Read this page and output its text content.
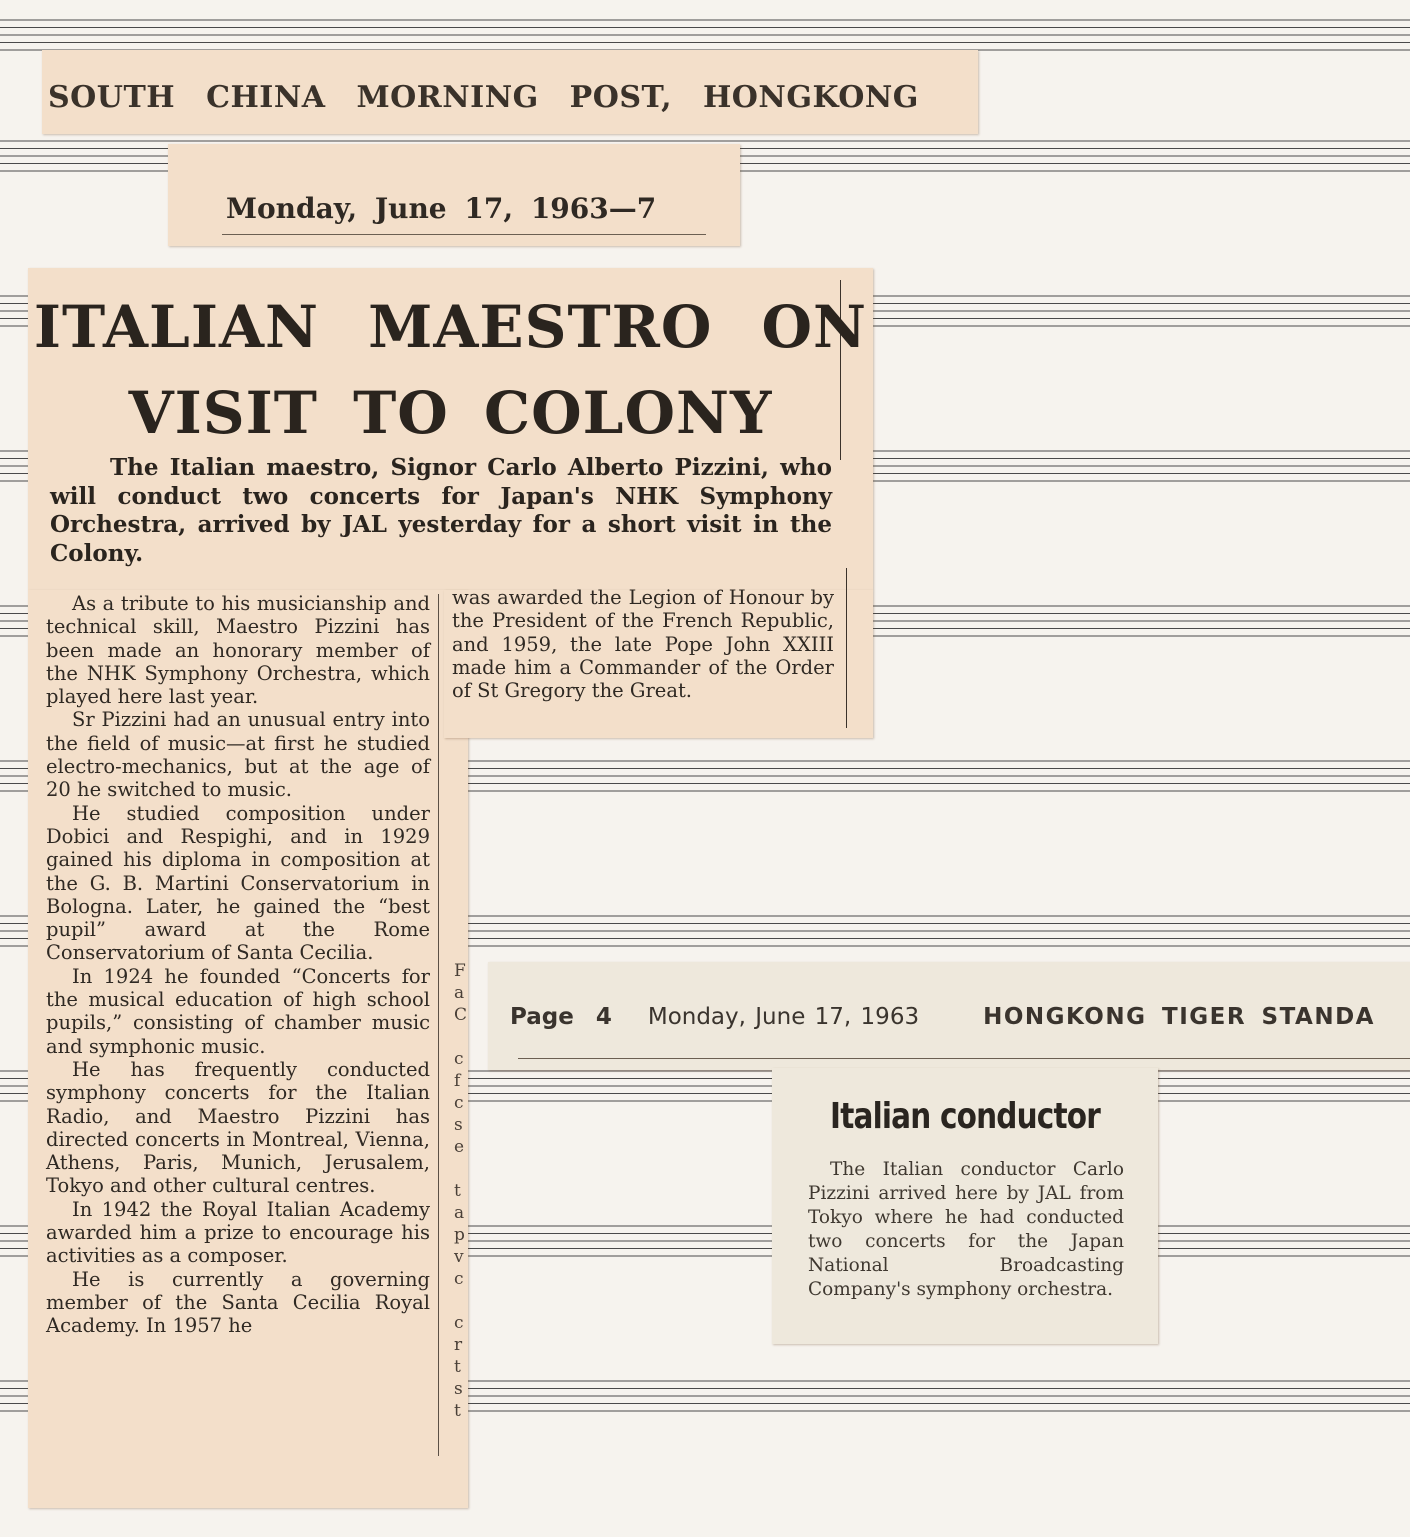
SOUTH CHINA MORNING POST, HONGKONG
Monday, June 17, 1963—7
ITALIAN MAESTRO ON
VISIT TO COLONY
The Italian maestro, Signor Carlo Alberto Pizzini, who will conduct two concerts for Japan's NHK Symphony Orchestra, arrived by JAL yesterday for a short visit in the Colony.

As a tribute to his musicianship and technical skill, Maestro Pizzini has been made an honorary member of the NHK Symphony Orchestra, which played here last year.

Sr Pizzini had an unusual entry into the field of music—at first he studied electro-mechanics, but at the age of 20 he switched to music.

He studied composition under Dobici and Respighi, and in 1929 gained his diploma in composition at the G. B. Martini Conservatorium in Bologna. Later, he gained the “best pupil” award at the Rome Conservatorium of Santa Cecilia.

In 1924 he founded “Concerts for the musical education of high school pupils,” consisting of chamber music and symphonic music.

He has frequently conducted symphony concerts for the Italian Radio, and Maestro Pizzini has directed concerts in Montreal, Vienna, Athens, Paris, Munich, Jerusalem, Tokyo and other cultural centres.

In 1942 the Royal Italian Academy awarded him a prize to encourage his activities as a composer.

He is currently a governing member of the Santa Cecilia Royal Academy. In 1957 he

was awarded the Legion of Honour by the President of the French Republic, and 1959, the late Pope John XXIII made him a Commander of the Order of St Gregory the Great.

F
a
C

c
f
c
s
e

t
a
p
v
c

c
r
t
s
t
Page 4 Monday, June 17, 1963	HONGKONG TIGER STANDA
Italian conductor
The Italian conductor Carlo Pizzini arrived here by JAL from Tokyo where he had conducted two concerts for the Japan National Broadcasting Company's symphony orchestra.
